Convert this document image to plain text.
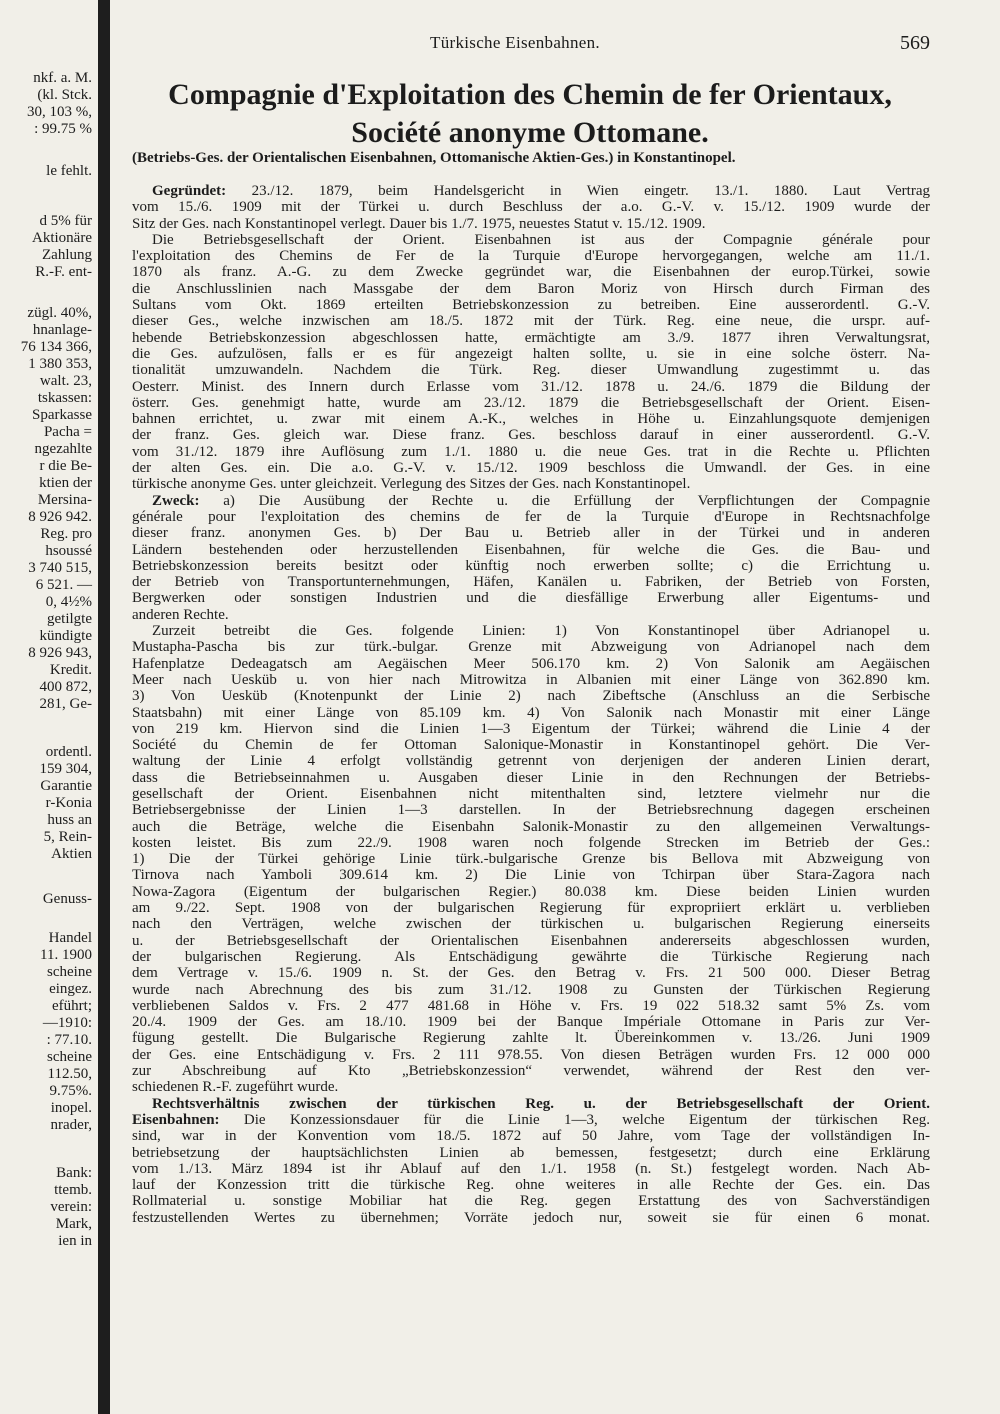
nkf. a. M.
(kl. Stck.
30, 103 %,
: 99.75 %
le fehlt.
d 5% für
Aktionäre
Zahlung
R.-F. ent-
zügl. 40%,
hnanlage-
76 134 366,
1 380 353,
walt. 23,
tskassen:
Sparkasse
Pacha =
ngezahlte
r die Be-
ktien der
Mersina-
8 926 942.
Reg. pro
hsoussé
3 740 515,
6 521. —
0, 4½%
getilgte
kündigte
8 926 943,
Kredit.
400 872,
281, Ge-
ordentl.
159 304,
Garantie
r-Konia
huss an
5, Rein-
Aktien
Genuss-
Handel
11. 1900
scheine
eingez.
eführt;
—1910:
: 77.10.
scheine
112.50,
9.75%.
inopel.
nrader,
Bank:
ttemb.
verein:
Mark,
ien in
Türkische Eisenbahnen.	569
Compagnie d'Exploitation des Chemin de fer Orientaux,
Société anonyme Ottomane.
(Betriebs-Ges. der Orientalischen Eisenbahnen, Ottomanische Aktien-Ges.) in Konstantinopel.
Gegründet: 23./12. 1879, beim Handelsgericht in Wien eingetr. 13./1. 1880. Laut Vertrag
vom 15./6. 1909 mit der Türkei u. durch Beschluss der a.o. G.-V. v. 15./12. 1909 wurde der
Sitz der Ges. nach Konstantinopel verlegt. Dauer bis 1./7. 1975, neuestes Statut v. 15./12. 1909.
Die Betriebsgesellschaft der Orient. Eisenbahnen ist aus der Compagnie générale pour
l'exploitation des Chemins de Fer de la Turquie d'Europe hervorgegangen, welche am 11./1.
1870 als franz. A.-G. zu dem Zwecke gegründet war, die Eisenbahnen der europ.Türkei, sowie
die Anschlusslinien nach Massgabe der dem Baron Moriz von Hirsch durch Firman des
Sultans vom Okt. 1869 erteilten Betriebskonzession zu betreiben. Eine ausserordentl. G.-V.
dieser Ges., welche inzwischen am 18./5. 1872 mit der Türk. Reg. eine neue, die urspr. auf-
hebende Betriebskonzession abgeschlossen hatte, ermächtigte am 3./9. 1877 ihren Verwaltungsrat,
die Ges. aufzulösen, falls er es für angezeigt halten sollte, u. sie in eine solche österr. Na-
tionalität umzuwandeln. Nachdem die Türk. Reg. dieser Umwandlung zugestimmt u. das
Oesterr. Minist. des Innern durch Erlasse vom 31./12. 1878 u. 24./6. 1879 die Bildung der
österr. Ges. genehmigt hatte, wurde am 23./12. 1879 die Betriebsgesellschaft der Orient. Eisen-
bahnen errichtet, u. zwar mit einem A.-K., welches in Höhe u. Einzahlungsquote demjenigen
der franz. Ges. gleich war. Diese franz. Ges. beschloss darauf in einer ausserordentl. G.-V.
vom 31./12. 1879 ihre Auflösung zum 1./1. 1880 u. die neue Ges. trat in die Rechte u. Pflichten
der alten Ges. ein. Die a.o. G.-V. v. 15./12. 1909 beschloss die Umwandl. der Ges. in eine
türkische anonyme Ges. unter gleichzeit. Verlegung des Sitzes der Ges. nach Konstantinopel.
Zweck: a) Die Ausübung der Rechte u. die Erfüllung der Verpflichtungen der Compagnie
générale pour l'exploitation des chemins de fer de la Turquie d'Europe in Rechtsnachfolge
dieser franz. anonymen Ges. b) Der Bau u. Betrieb aller in der Türkei und in anderen
Ländern bestehenden oder herzustellenden Eisenbahnen, für welche die Ges. die Bau- und
Betriebskonzession bereits besitzt oder künftig noch erwerben sollte; c) die Errichtung u.
der Betrieb von Transportunternehmungen, Häfen, Kanälen u. Fabriken, der Betrieb von Forsten,
Bergwerken oder sonstigen Industrien und die diesfällige Erwerbung aller Eigentums- und
anderen Rechte.
Zurzeit betreibt die Ges. folgende Linien: 1) Von Konstantinopel über Adrianopel u.
Mustapha-Pascha bis zur türk.-bulgar. Grenze mit Abzweigung von Adrianopel nach dem
Hafenplatze Dedeagatsch am Aegäischen Meer 506.170 km. 2) Von Salonik am Aegäischen
Meer nach Uesküb u. von hier nach Mitrowitza in Albanien mit einer Länge von 362.890 km.
3) Von Uesküb (Knotenpunkt der Linie 2) nach Zibeftsche (Anschluss an die Serbische
Staatsbahn) mit einer Länge von 85.109 km. 4) Von Salonik nach Monastir mit einer Länge
von 219 km. Hiervon sind die Linien 1—3 Eigentum der Türkei; während die Linie 4 der
Société du Chemin de fer Ottoman Salonique-Monastir in Konstantinopel gehört. Die Ver-
waltung der Linie 4 erfolgt vollständig getrennt von derjenigen der anderen Linien derart,
dass die Betriebseinnahmen u. Ausgaben dieser Linie in den Rechnungen der Betriebs-
gesellschaft der Orient. Eisenbahnen nicht mitenthalten sind, letztere vielmehr nur die
Betriebsergebnisse der Linien 1—3 darstellen. In der Betriebsrechnung dagegen erscheinen
auch die Beträge, welche die Eisenbahn Salonik-Monastir zu den allgemeinen Verwaltungs-
kosten leistet. Bis zum 22./9. 1908 waren noch folgende Strecken im Betrieb der Ges.:
1) Die der Türkei gehörige Linie türk.-bulgarische Grenze bis Bellova mit Abzweigung von
Tirnova nach Yamboli 309.614 km. 2) Die Linie von Tchirpan über Stara-Zagora nach
Nowa-Zagora (Eigentum der bulgarischen Regier.) 80.038 km. Diese beiden Linien wurden
am 9./22. Sept. 1908 von der bulgarischen Regierung für expropriiert erklärt u. verblieben
nach den Verträgen, welche zwischen der türkischen u. bulgarischen Regierung einerseits
u. der Betriebsgesellschaft der Orientalischen Eisenbahnen andererseits abgeschlossen wurden,
der bulgarischen Regierung. Als Entschädigung gewährte die Türkische Regierung nach
dem Vertrage v. 15./6. 1909 n. St. der Ges. den Betrag v. Frs. 21 500 000. Dieser Betrag
wurde nach Abrechnung des bis zum 31./12. 1908 zu Gunsten der Türkischen Regierung
verbliebenen Saldos v. Frs. 2 477 481.68 in Höhe v. Frs. 19 022 518.32 samt 5% Zs. vom
20./4. 1909 der Ges. am 18./10. 1909 bei der Banque Impériale Ottomane in Paris zur Ver-
fügung gestellt. Die Bulgarische Regierung zahlte lt. Übereinkommen v. 13./26. Juni 1909
der Ges. eine Entschädigung v. Frs. 2 111 978.55. Von diesen Beträgen wurden Frs. 12 000 000
zur Abschreibung auf Kto „Betriebskonzession“ verwendet, während der Rest den ver-
schiedenen R.-F. zugeführt wurde.
Rechtsverhältnis zwischen der türkischen Reg. u. der Betriebsgesellschaft der Orient.
Eisenbahnen: Die Konzessionsdauer für die Linie 1—3, welche Eigentum der türkischen Reg.
sind, war in der Konvention vom 18./5. 1872 auf 50 Jahre, vom Tage der vollständigen In-
betriebsetzung der hauptsächlichsten Linien ab bemessen, festgesetzt; durch eine Erklärung
vom 1./13. März 1894 ist ihr Ablauf auf den 1./1. 1958 (n. St.) festgelegt worden. Nach Ab-
lauf der Konzession tritt die türkische Reg. ohne weiteres in alle Rechte der Ges. ein. Das
Rollmaterial u. sonstige Mobiliar hat die Reg. gegen Erstattung des von Sachverständigen
festzustellenden Wertes zu übernehmen; Vorräte jedoch nur, soweit sie für einen 6 monat.
